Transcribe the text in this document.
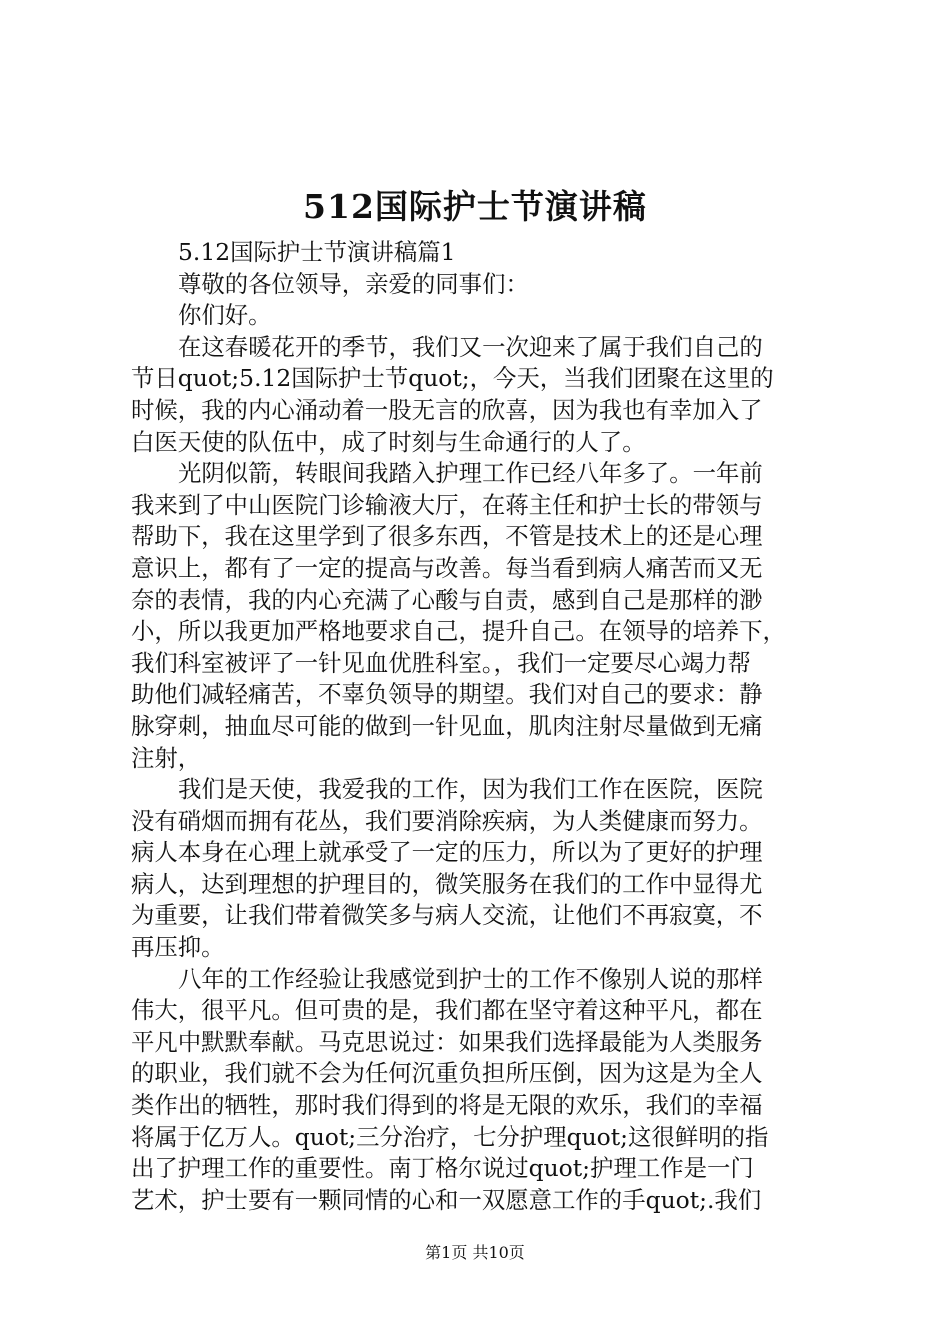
512国际护士节演讲稿
5.12国际护士节演讲稿篇1
尊敬的各位领导，亲爱的同事们：
你们好。
在这春暖花开的季节，我们又一次迎来了属于我们自己的
节日quot;5.12国际护士节quot;，今天，当我们团聚在这里的
时候，我的内心涌动着一股无言的欣喜，因为我也有幸加入了
白医天使的队伍中，成了时刻与生命通行的人了。
光阴似箭，转眼间我踏入护理工作已经八年多了。一年前
我来到了中山医院门诊输液大厅，在蒋主任和护士长的带领与
帮助下，我在这里学到了很多东西，不管是技术上的还是心理
意识上，都有了一定的提高与改善。每当看到病人痛苦而又无
奈的表情，我的内心充满了心酸与自责，感到自己是那样的渺
小，所以我更加严格地要求自己，提升自己。在领导的培养下，
我们科室被评了一针见血优胜科室。，我们一定要尽心竭力帮
助他们减轻痛苦，不辜负领导的期望。我们对自己的要求：静
脉穿刺，抽血尽可能的做到一针见血，肌肉注射尽量做到无痛
注射，
我们是天使，我爱我的工作，因为我们工作在医院，医院
没有硝烟而拥有花丛，我们要消除疾病，为人类健康而努力。
病人本身在心理上就承受了一定的压力，所以为了更好的护理
病人，达到理想的护理目的，微笑服务在我们的工作中显得尤
为重要，让我们带着微笑多与病人交流，让他们不再寂寞，不
再压抑。
八年的工作经验让我感觉到护士的工作不像别人说的那样
伟大，很平凡。但可贵的是，我们都在坚守着这种平凡，都在
平凡中默默奉献。马克思说过：如果我们选择最能为人类服务
的职业，我们就不会为任何沉重负担所压倒，因为这是为全人
类作出的牺牲，那时我们得到的将是无限的欢乐，我们的幸福
将属于亿万人。quot;三分治疗，七分护理quot;这很鲜明的指
出了护理工作的重要性。南丁格尔说过quot;护理工作是一门
艺术，护士要有一颗同情的心和一双愿意工作的手quot;.我们
第1页 共10页
